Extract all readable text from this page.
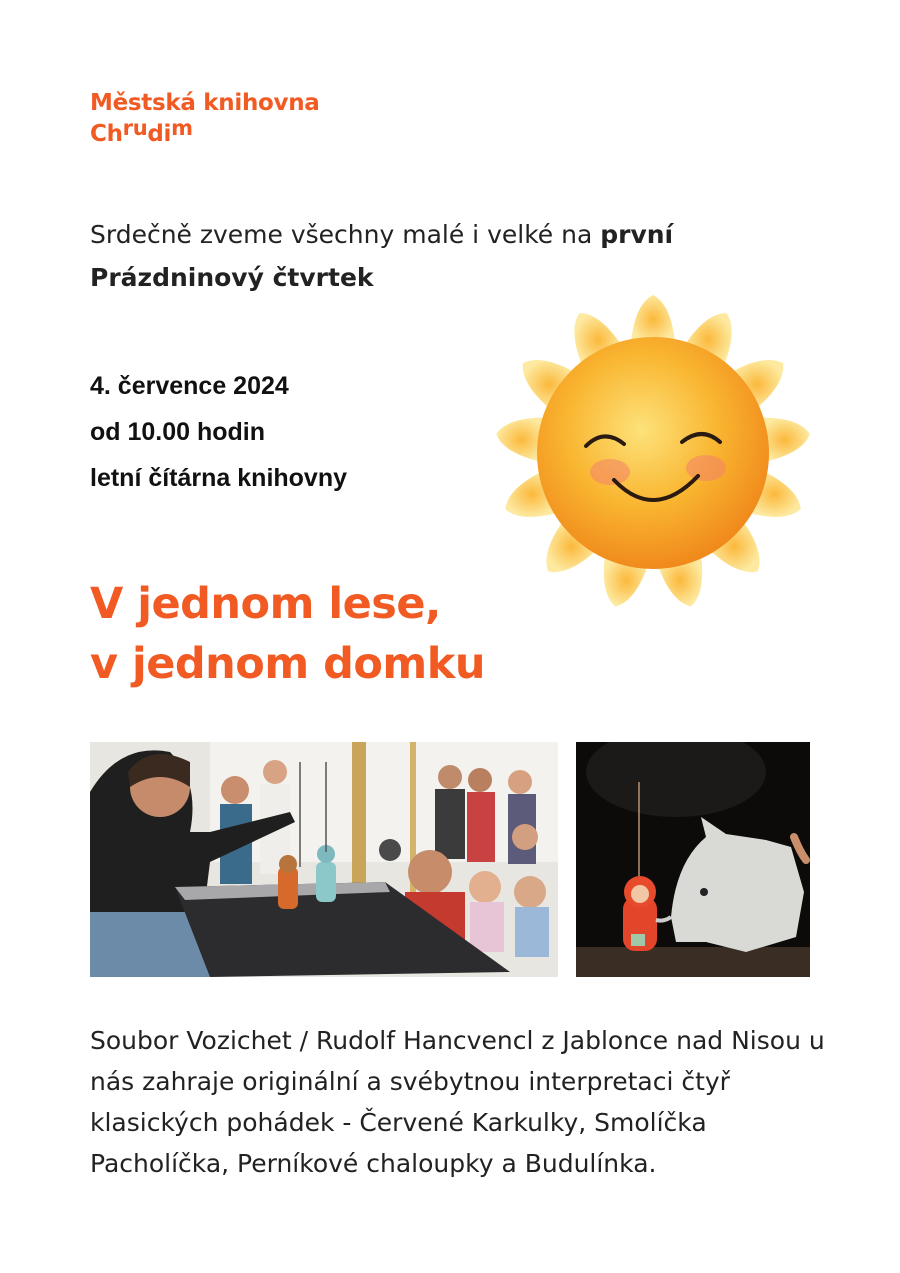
Městská knihovna
Chrudim
Srdečně zveme všechny malé i velké na první
Prázdninový čtvrtek
4. července 2024
od 10.00 hodin
letní čítárna knihovny
V jednom lese,
v jednom domku
Soubor Vozichet / Rudolf Hancvencl z Jablonce nad Nisou u nás zahraje originální a svébytnou interpretaci čtyř klasických pohádek - Červené Karkulky, Smolíčka Pacholíčka, Perníkové chaloupky a Budulínka.
